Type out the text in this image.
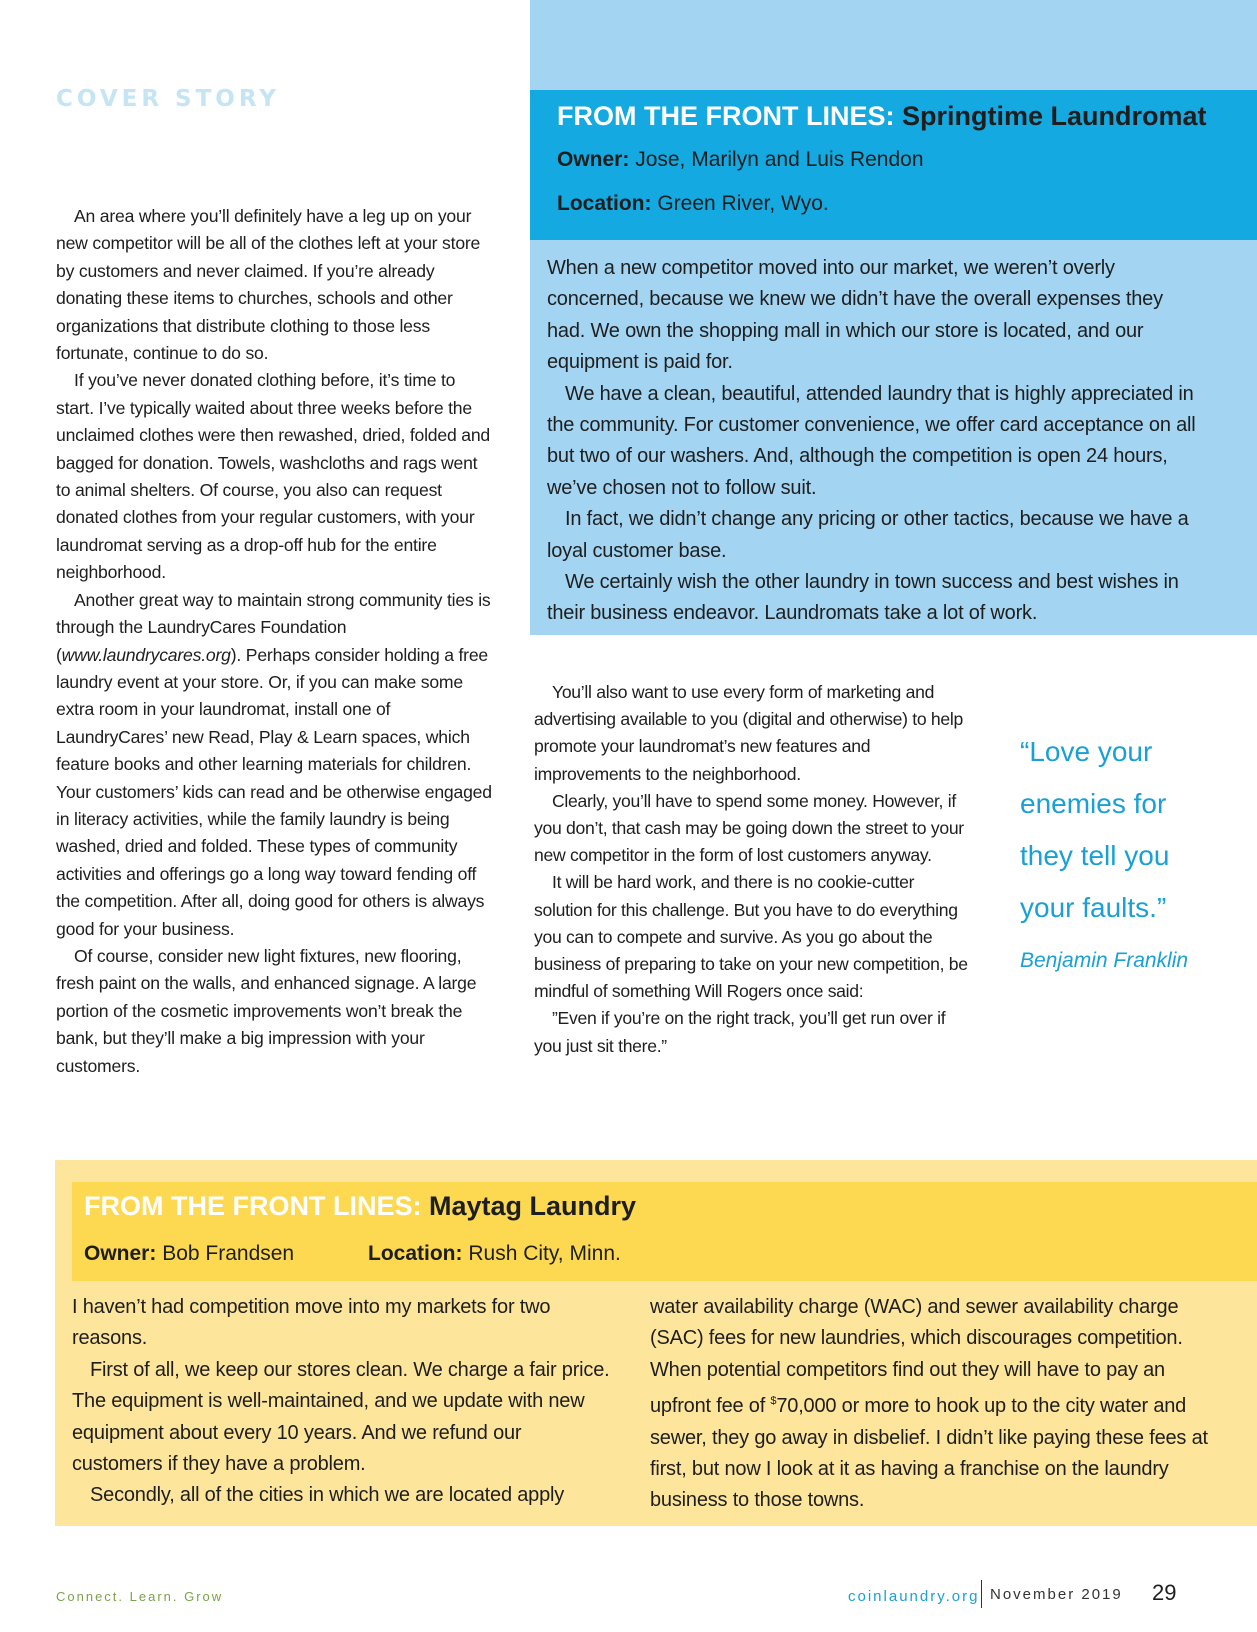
COVER STORY

An area where you’ll definitely have a leg up on your new competitor will be all of the clothes left at your store by customers and never claimed. If you’re already donating these items to churches, schools and other organizations that distribute clothing to those less fortunate, continue to do so.

If you’ve never donated clothing before, it’s time to start. I’ve typically waited about three weeks before the unclaimed clothes were then rewashed, dried, folded and bagged for donation. Towels, washcloths and rags went to animal shelters. Of course, you also can request donated clothes from your regular customers, with your laundromat serving as a drop-off hub for the entire neighborhood.

Another great way to maintain strong community ties is through the LaundryCares Foundation (www.laundrycares.org). Perhaps consider holding a free laundry event at your store. Or, if you can make some extra room in your laundromat, install one of LaundryCares’ new Read, Play & Learn spaces, which feature books and other learning materials for children. Your customers’ kids can read and be otherwise engaged in literacy activities, while the family laundry is being washed, dried and folded. These types of community activities and offerings go a long way toward fending off the competition. After all, doing good for others is always good for your business.

Of course, consider new light fixtures, new flooring, fresh paint on the walls, and enhanced signage. A large portion of the cosmetic improvements won’t break the bank, but they’ll make a big impression with your customers.

FROM THE FRONT LINES: Springtime Laundromat
Owner: Jose, Marilyn and Luis Rendon
Location: Green River, Wyo.

When a new competitor moved into our market, we weren’t overly concerned, because we knew we didn’t have the overall expenses they had. We own the shopping mall in which our store is located, and our equipment is paid for.

We have a clean, beautiful, attended laundry that is highly appreciated in the community. For customer convenience, we offer card acceptance on all but two of our washers. And, although the competition is open 24 hours, we’ve chosen not to follow suit.

In fact, we didn’t change any pricing or other tactics, because we have a loyal customer base.

We certainly wish the other laundry in town success and best wishes in their business endeavor. Laundromats take a lot of work.

You’ll also want to use every form of marketing and advertising available to you (digital and otherwise) to help promote your laundromat’s new features and improvements to the neighborhood.

Clearly, you’ll have to spend some money. However, if you don’t, that cash may be going down the street to your new competitor in the form of lost customers anyway.

It will be hard work, and there is no cookie-cutter solution for this challenge. But you have to do everything you can to compete and survive. As you go about the business of preparing to take on your new competition, be mindful of something Will Rogers once said:

”Even if you’re on the right track, you’ll get run over if you just sit there.”

“Love your enemies for they tell you your faults.”
Benjamin Franklin
FROM THE FRONT LINES: Maytag Laundry
Owner: Bob Frandsen	Location: Rush City, Minn.

I haven’t had competition move into my markets for two reasons.

First of all, we keep our stores clean. We charge a fair price. The equipment is well-maintained, and we update with new equipment about every 10 years. And we refund our customers if they have a problem.

Secondly, all of the cities in which we are located apply

water availability charge (WAC) and sewer availability charge (SAC) fees for new laundries, which discourages competition. When potential competitors find out they will have to pay an upfront fee of $70,000 or more to hook up to the city water and sewer, they go away in disbelief. I didn’t like paying these fees at first, but now I look at it as having a franchise on the laundry business to those towns.

Connect. Learn. Grow	coinlaundry.org November 2019 29
